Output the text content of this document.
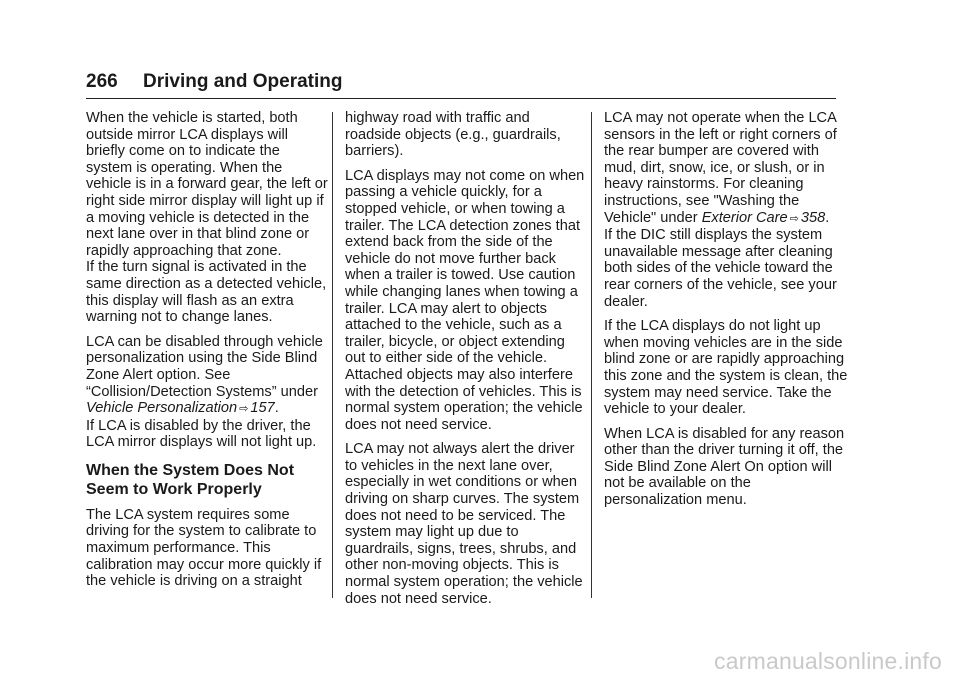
266 Driving and Operating

When the vehicle is started, both outside mirror LCA displays will briefly come on to indicate the system is operating. When the vehicle is in a forward gear, the left or right side mirror display will light up if a moving vehicle is detected in the next lane over in that blind zone or rapidly approaching that zone.

If the turn signal is activated in the same direction as a detected vehicle, this display will flash as an extra warning not to change lanes.

LCA can be disabled through vehicle personalization using the Side Blind Zone Alert option. See “Collision/Detection Systems” under Vehicle Personalization ⇨ 157.

If LCA is disabled by the driver, the LCA mirror displays will not light up.

When the System Does Not Seem to Work Properly

The LCA system requires some driving for the system to calibrate to maximum performance. This calibration may occur more quickly if the vehicle is driving on a straight

highway road with traffic and roadside objects (e.g., guardrails, barriers).

LCA displays may not come on when passing a vehicle quickly, for a stopped vehicle, or when towing a trailer. The LCA detection zones that extend back from the side of the vehicle do not move further back when a trailer is towed. Use caution while changing lanes when towing a trailer. LCA may alert to objects attached to the vehicle, such as a trailer, bicycle, or object extending out to either side of the vehicle. Attached objects may also interfere with the detection of vehicles. This is normal system operation; the vehicle does not need service.

LCA may not always alert the driver to vehicles in the next lane over, especially in wet conditions or when driving on sharp curves. The system does not need to be serviced. The system may light up due to guardrails, signs, trees, shrubs, and other non-moving objects. This is normal system operation; the vehicle does not need service.

LCA may not operate when the LCA sensors in the left or right corners of the rear bumper are covered with mud, dirt, snow, ice, or slush, or in heavy rainstorms. For cleaning instructions, see "Washing the Vehicle" under Exterior Care ⇨ 358.

If the DIC still displays the system unavailable message after cleaning both sides of the vehicle toward the rear corners of the vehicle, see your dealer.

If the LCA displays do not light up when moving vehicles are in the side blind zone or are rapidly approaching this zone and the system is clean, the system may need service. Take the vehicle to your dealer.

When LCA is disabled for any reason other than the driver turning it off, the Side Blind Zone Alert On option will not be available on the personalization menu.

carmanualsonline.info
